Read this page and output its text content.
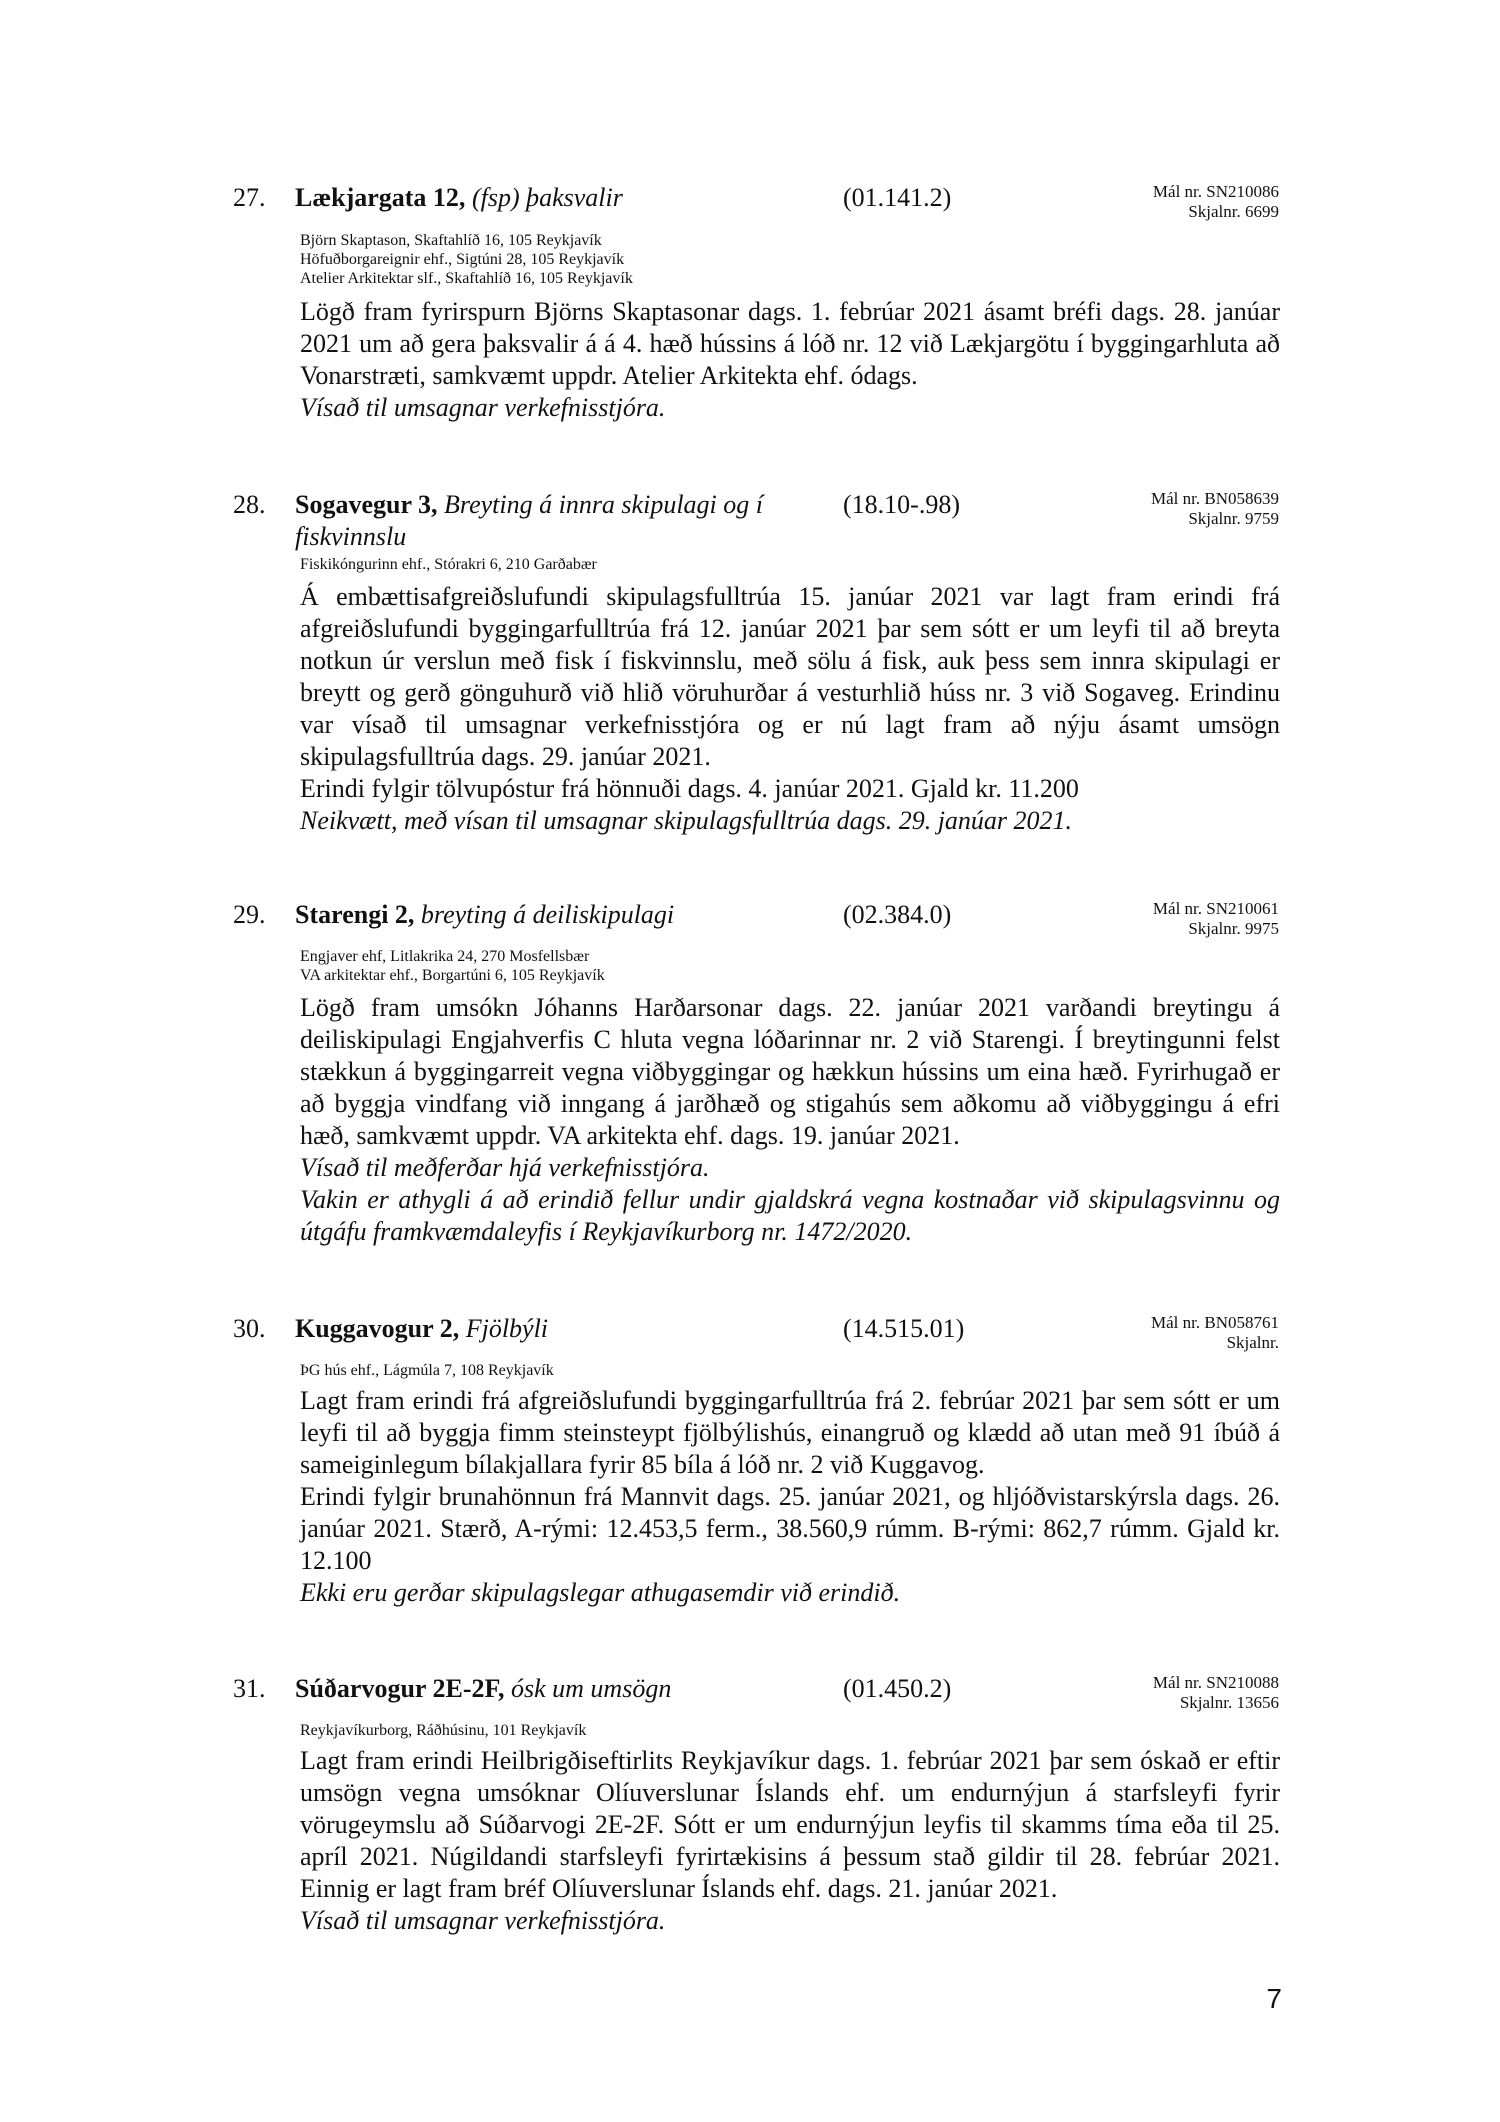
27. Lækjargata 12, (fsp) þaksvalir	(01.141.2)	Mál nr. SN210086
Skjalnr. 6699
Björn Skaptason, Skaftahlíð 16, 105 Reykjavík
Höfuðborgareignir ehf., Sigtúni 28, 105 Reykjavík
Atelier Arkitektar slf., Skaftahlíð 16, 105 Reykjavík

Lögð fram fyrirspurn Björns Skaptasonar dags. 1. febrúar 2021 ásamt bréfi dags. 28. janúar 2021 um að gera þaksvalir á á 4. hæð hússins á lóð nr. 12 við Lækjargötu í byggingarhluta að Vonarstræti, samkvæmt uppdr. Atelier Arkitekta ehf. ódags.

Vísað til umsagnar verkefnisstjóra.

28. Sogavegur 3, Breyting á innra skipulagi og í fiskvinnslu
(18.10-.98)	Mál nr. BN058639
Skjalnr. 9759
Fiskikóngurinn ehf., Stórakri 6, 210 Garðabær

Á embættisafgreiðslufundi skipulagsfulltrúa 15. janúar 2021 var lagt fram erindi frá afgreiðslufundi byggingarfulltrúa frá 12. janúar 2021 þar sem sótt er um leyfi til að breyta notkun úr verslun með fisk í fiskvinnslu, með sölu á fisk, auk þess sem innra skipulagi er breytt og gerð gönguhurð við hlið vöruhurðar á vesturhlið húss nr. 3 við Sogaveg. Erindinu var vísað til umsagnar verkefnisstjóra og er nú lagt fram að nýju ásamt umsögn skipulagsfulltrúa dags. 29. janúar 2021.

Erindi fylgir tölvupóstur frá hönnuði dags. 4. janúar 2021. Gjald kr. 11.200

Neikvætt, með vísan til umsagnar skipulagsfulltrúa dags. 29. janúar 2021.

29. Starengi 2, breyting á deiliskipulagi	(02.384.0)	Mál nr. SN210061
Skjalnr. 9975
Engjaver ehf, Litlakrika 24, 270 Mosfellsbær
VA arkitektar ehf., Borgartúni 6, 105 Reykjavík

Lögð fram umsókn Jóhanns Harðarsonar dags. 22. janúar 2021 varðandi breytingu á deiliskipulagi Engjahverfis C hluta vegna lóðarinnar nr. 2 við Starengi. Í breytingunni felst stækkun á byggingarreit vegna viðbyggingar og hækkun hússins um eina hæð. Fyrirhugað er að byggja vindfang við inngang á jarðhæð og stigahús sem aðkomu að viðbyggingu á efri hæð, samkvæmt uppdr. VA arkitekta ehf. dags. 19. janúar 2021.

Vísað til meðferðar hjá verkefnisstjóra.

Vakin er athygli á að erindið fellur undir gjaldskrá vegna kostnaðar við skipulagsvinnu og útgáfu framkvæmdaleyfis í Reykjavíkurborg nr. 1472/2020.

30. Kuggavogur 2, Fjölbýli	(14.515.01)	Mál nr. BN058761
Skjalnr.
ÞG hús ehf., Lágmúla 7, 108 Reykjavík

Lagt fram erindi frá afgreiðslufundi byggingarfulltrúa frá 2. febrúar 2021 þar sem sótt er um leyfi til að byggja fimm steinsteypt fjölbýlishús, einangruð og klædd að utan með 91 íbúð á sameiginlegum bílakjallara fyrir 85 bíla á lóð nr. 2 við Kuggavog.

Erindi fylgir brunahönnun frá Mannvit dags. 25. janúar 2021, og hljóðvistarskýrsla dags. 26. janúar 2021. Stærð, A-rými: 12.453,5 ferm., 38.560,9 rúmm. B-rými: 862,7 rúmm. Gjald kr. 12.100

Ekki eru gerðar skipulagslegar athugasemdir við erindið.

31. Súðarvogur 2E-2F, ósk um umsögn	(01.450.2)	Mál nr. SN210088
Skjalnr. 13656
Reykjavíkurborg, Ráðhúsinu, 101 Reykjavík

Lagt fram erindi Heilbrigðiseftirlits Reykjavíkur dags. 1. febrúar 2021 þar sem óskað er eftir umsögn vegna umsóknar Olíuverslunar Íslands ehf. um endurnýjun á starfsleyfi fyrir vörugeymslu að Súðarvogi 2E-2F. Sótt er um endurnýjun leyfis til skamms tíma eða til 25. apríl 2021. Núgildandi starfsleyfi fyrirtækisins á þessum stað gildir til 28. febrúar 2021. Einnig er lagt fram bréf Olíuverslunar Íslands ehf. dags. 21. janúar 2021.

Vísað til umsagnar verkefnisstjóra.

7
